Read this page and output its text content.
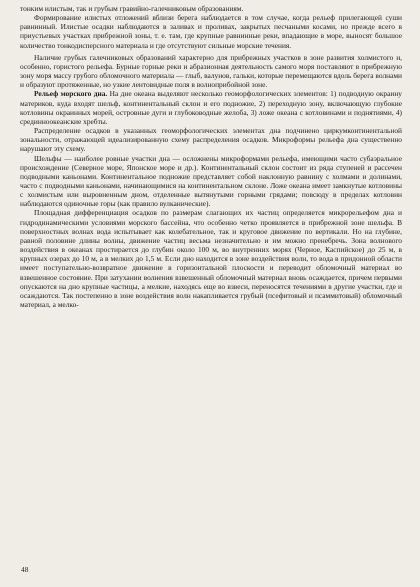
тонким илистым, так и грубым гравийно-галечниковым образованиям.

Формирование илистых отложений вблизи берега наблюдается в том случае, когда рельеф прилегающей суши равнинный. Илистые осадки наблюдаются в заливах и проливах, закрытых песчаными косами, но прежде всего в приустьевых участках прибрежной зоны, т. е. там, где крупные равнинные реки, впадающие в море, выносят большое количество тонкодисперсного материала и где отсутствуют сильные морские течения.

Наличие грубых галечниковых образований характерно для прибрежных участков в зоне развития холмистого и, особенно, гористого рельефа. Бурные горные реки и абразионная деятельность самого моря поставляют в прибрежную зону моря массу грубого обломочного материала — глыб, валунов, гальки, которые перемещаются вдоль берега волнами и образуют протяженные, но узкие лентовидные поля в волноприбойной зоне.

Рельеф морского дна. На дне океана выделяют несколько геоморфологических элементов: 1) подводную окраину материков, куда входят шельф, континентальный склон и его подножие, 2) переходную зону, включающую глубокие котловины окраинных морей, островные дуги и глубоководные желоба, 3) ложе океана с котловинами и поднятиями, 4) срединноокеанские хребты.

Распределение осадков в указанных геоморфологических элементах дна подчинено циркумконтинентальной зональности, отражающей идеализированную схему распределения осадков. Микроформы рельефа дна существенно нарушают эту схему.

Шельфы — наиболее ровные участки дна — осложнены микроформами рельефа, имеющими часто субаэральное происхождение (Северное море, Японское море и др.). Континентальный склон состоит из ряда ступеней и рассечен подводными каньонами. Континентальное подножие представляет собой наклонную равнину с холмами и долинами, часто с подводными каньонами, начинающимися на континентальном склоне. Ложе океана имеет замкнутые котловины с холмистым или выровненным дном, отделенные вытянутыми горными грядами; повсюду в пределах котловин наблюдаются одиночные горы (как правило вулканические).

Площадная дифференциация осадков по размерам слагающих их частиц определяется микрорельефом дна и гидродинамическими условиями морского бассейна, что особенно четко проявляется в прибрежной зоне шельфа. В поверхностных волнах вода испытывает как колебательное, так и круговое движение по вертикали. Но на глубине, равной половине длины волны, движение частиц весьма незначительно и им можно пренебречь. Зона волнового воздействия в океанах простирается до глубин около 100 м, во внутренних морях (Черное, Каспийское) до 25 м, в крупных озерах до 10 м, а в мелких до 1,5 м. Если дно находится в зоне воздействия волн, то вода в придонной области имеет поступательно-возвратное движение в горизонтальной плоскости и переводит обломочный материал во взвешенное состояние. При затухании волнения взвешенный обломочный материал вновь осаждается, причем первыми опускаются на дно крупные частицы, а мелкие, находясь еще во взвеси, переносятся течениями в другие участки, где и осаждаются. Так постепенно в зоне воздействия волн накапливается грубый (псефитовый и псаммитовый) обломочный материал, а мелко-

48
